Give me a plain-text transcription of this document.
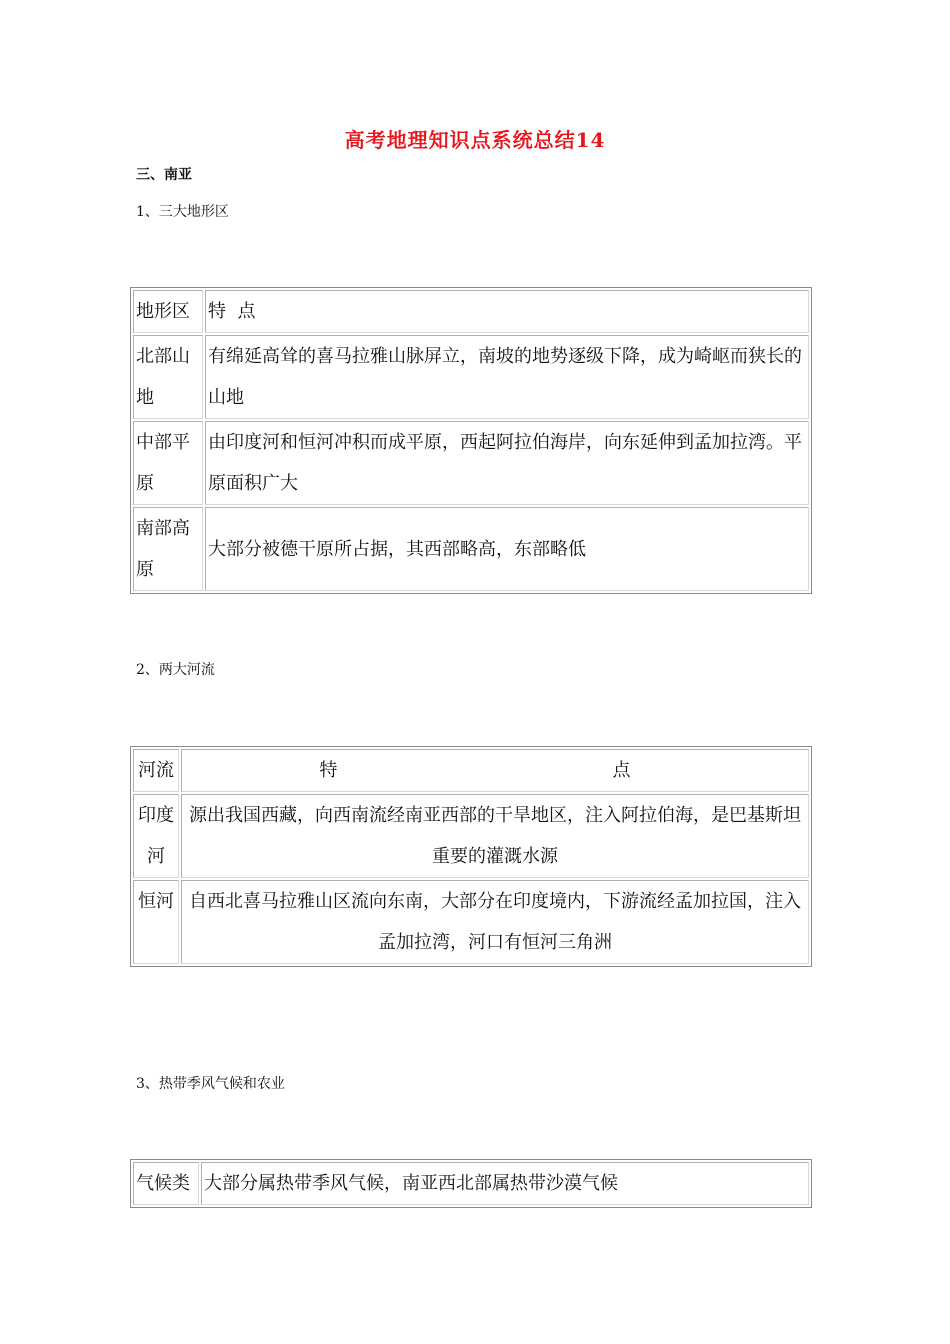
高考地理知识点系统总结14
三、南亚
1、三大地形区
地形区	特  点
北部山地	有绵延高耸的喜马拉雅山脉屏立，南坡的地势逐级下降，成为崎岖而狭长的山地
中部平原	由印度河和恒河冲积而成平原，西起阿拉伯海岸，向东延伸到孟加拉湾。平原面积广大
南部高原	大部分被德干原所占据，其西部略高，东部略低
2、两大河流
河流	特 点

印度河	源出我国西藏，向西南流经南亚西部的干旱地区，注入阿拉伯海，是巴基斯坦重要的灌溉水源
恒河	自西北喜马拉雅山区流向东南，大部分在印度境内，下游流经孟加拉国，注入孟加拉湾，河口有恒河三角洲
3、热带季风气候和农业
气候类	大部分属热带季风气候，南亚西北部属热带沙漠气候
